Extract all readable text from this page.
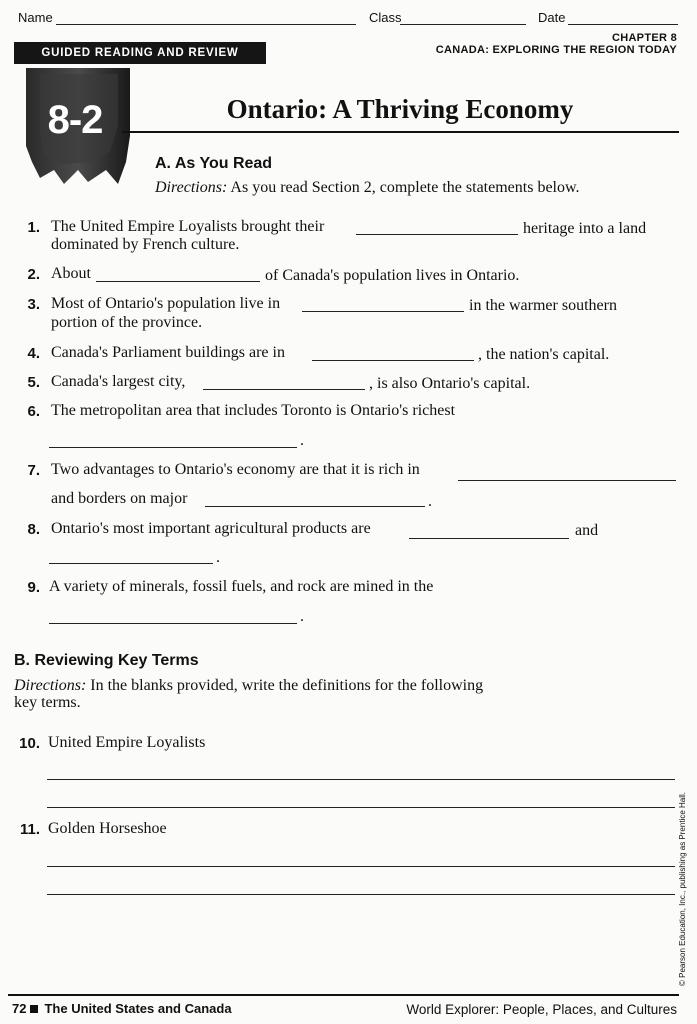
Name	Class	Date
GUIDED READING AND REVIEW
CHAPTER 8
CANADA: EXPLORING THE REGION TODAY
8-2	Ontario: A Thriving Economy
A. As You Read
Directions: As you read Section 2, complete the statements below.
1. The United Empire Loyalists brought their	heritage into a land
dominated by French culture.
2. About	of Canada's population lives in Ontario.
3. Most of Ontario's population live in	in the warmer southern
portion of the province.
4. Canada's Parliament buildings are in	, the nation's capital.
5. Canada's largest city,	, is also Ontario's capital.
6. The metropolitan area that includes Toronto is Ontario's richest
.
7. Two advantages to Ontario's economy are that it is rich in
and borders on major	.
8. Ontario's most important agricultural products are	and
.
9. A variety of minerals, fossil fuels, and rock are mined in the
.
B. Reviewing Key Terms
Directions: In the blanks provided, write the definitions for the following
key terms.
10. United Empire Loyalists
11. Golden Horseshoe	© Pearson Education, Inc., publishing as Prentice Hall.
72 The United States and Canada	World Explorer: People, Places, and Cultures
